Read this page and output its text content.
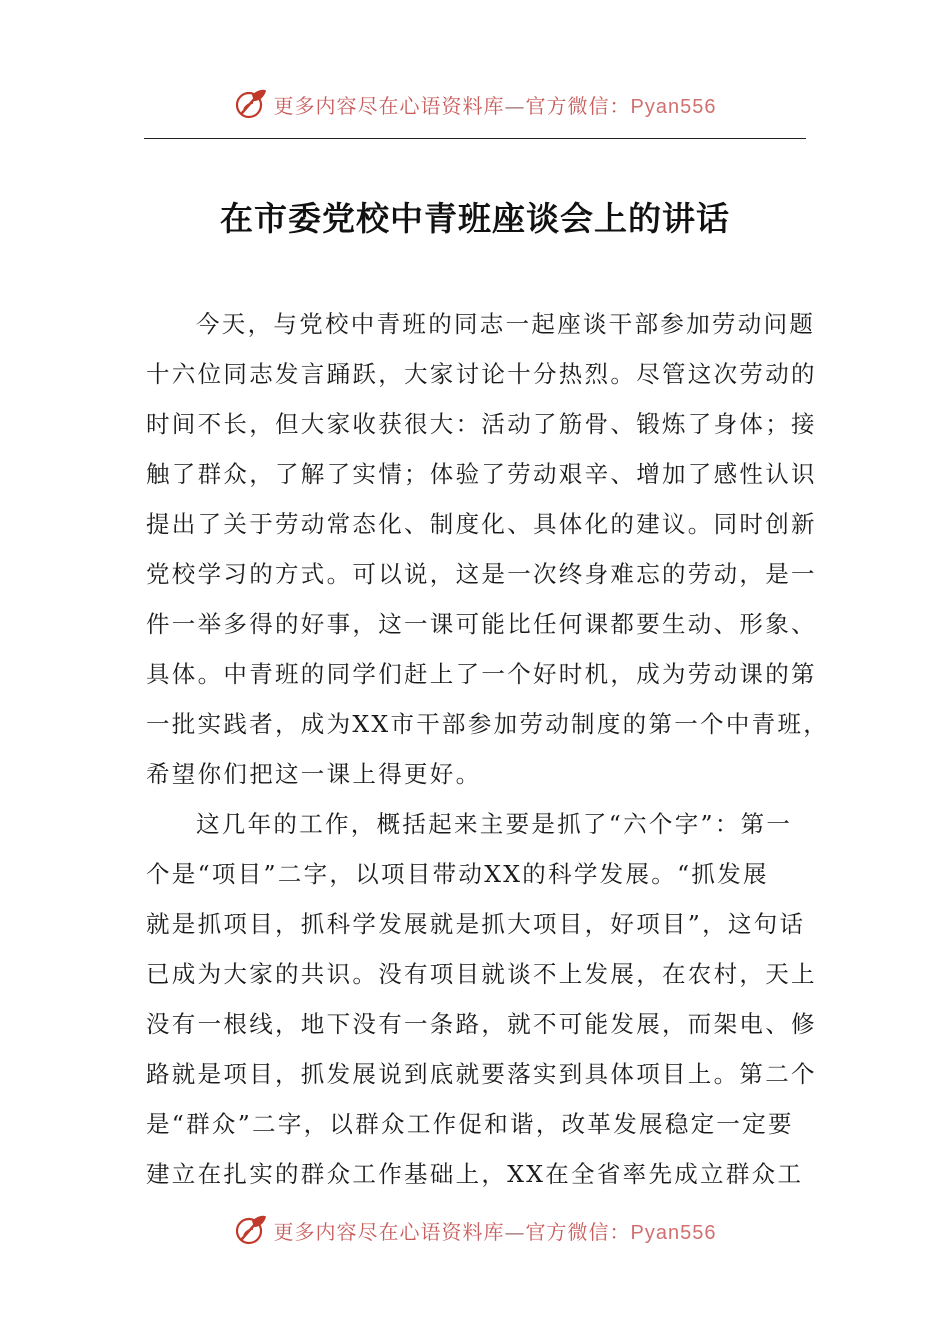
更多内容尽在心语资料库—官方微信：Pyan556
在市委党校中青班座谈会上的讲话
今天，与党校中青班的同志一起座谈干部参加劳动问题
十六位同志发言踊跃，大家讨论十分热烈。尽管这次劳动的
时间不长，但大家收获很大：活动了筋骨、锻炼了身体；接
触了群众，了解了实情；体验了劳动艰辛、增加了感性认识
提出了关于劳动常态化、制度化、具体化的建议。同时创新
党校学习的方式。可以说，这是一次终身难忘的劳动，是一
件一举多得的好事，这一课可能比任何课都要生动、形象、
具体。中青班的同学们赶上了一个好时机，成为劳动课的第
一批实践者，成为XX市干部参加劳动制度的第一个中青班，
希望你们把这一课上得更好。
这几年的工作，概括起来主要是抓了“六个字”：第一
个是“项目”二字，以项目带动XX的科学发展。“抓发展
就是抓项目，抓科学发展就是抓大项目，好项目”，这句话
已成为大家的共识。没有项目就谈不上发展，在农村，天上
没有一根线，地下没有一条路，就不可能发展，而架电、修
路就是项目，抓发展说到底就要落实到具体项目上。第二个
是“群众”二字，以群众工作促和谐，改革发展稳定一定要
建立在扎实的群众工作基础上，XX在全省率先成立群众工
更多内容尽在心语资料库—官方微信：Pyan556
